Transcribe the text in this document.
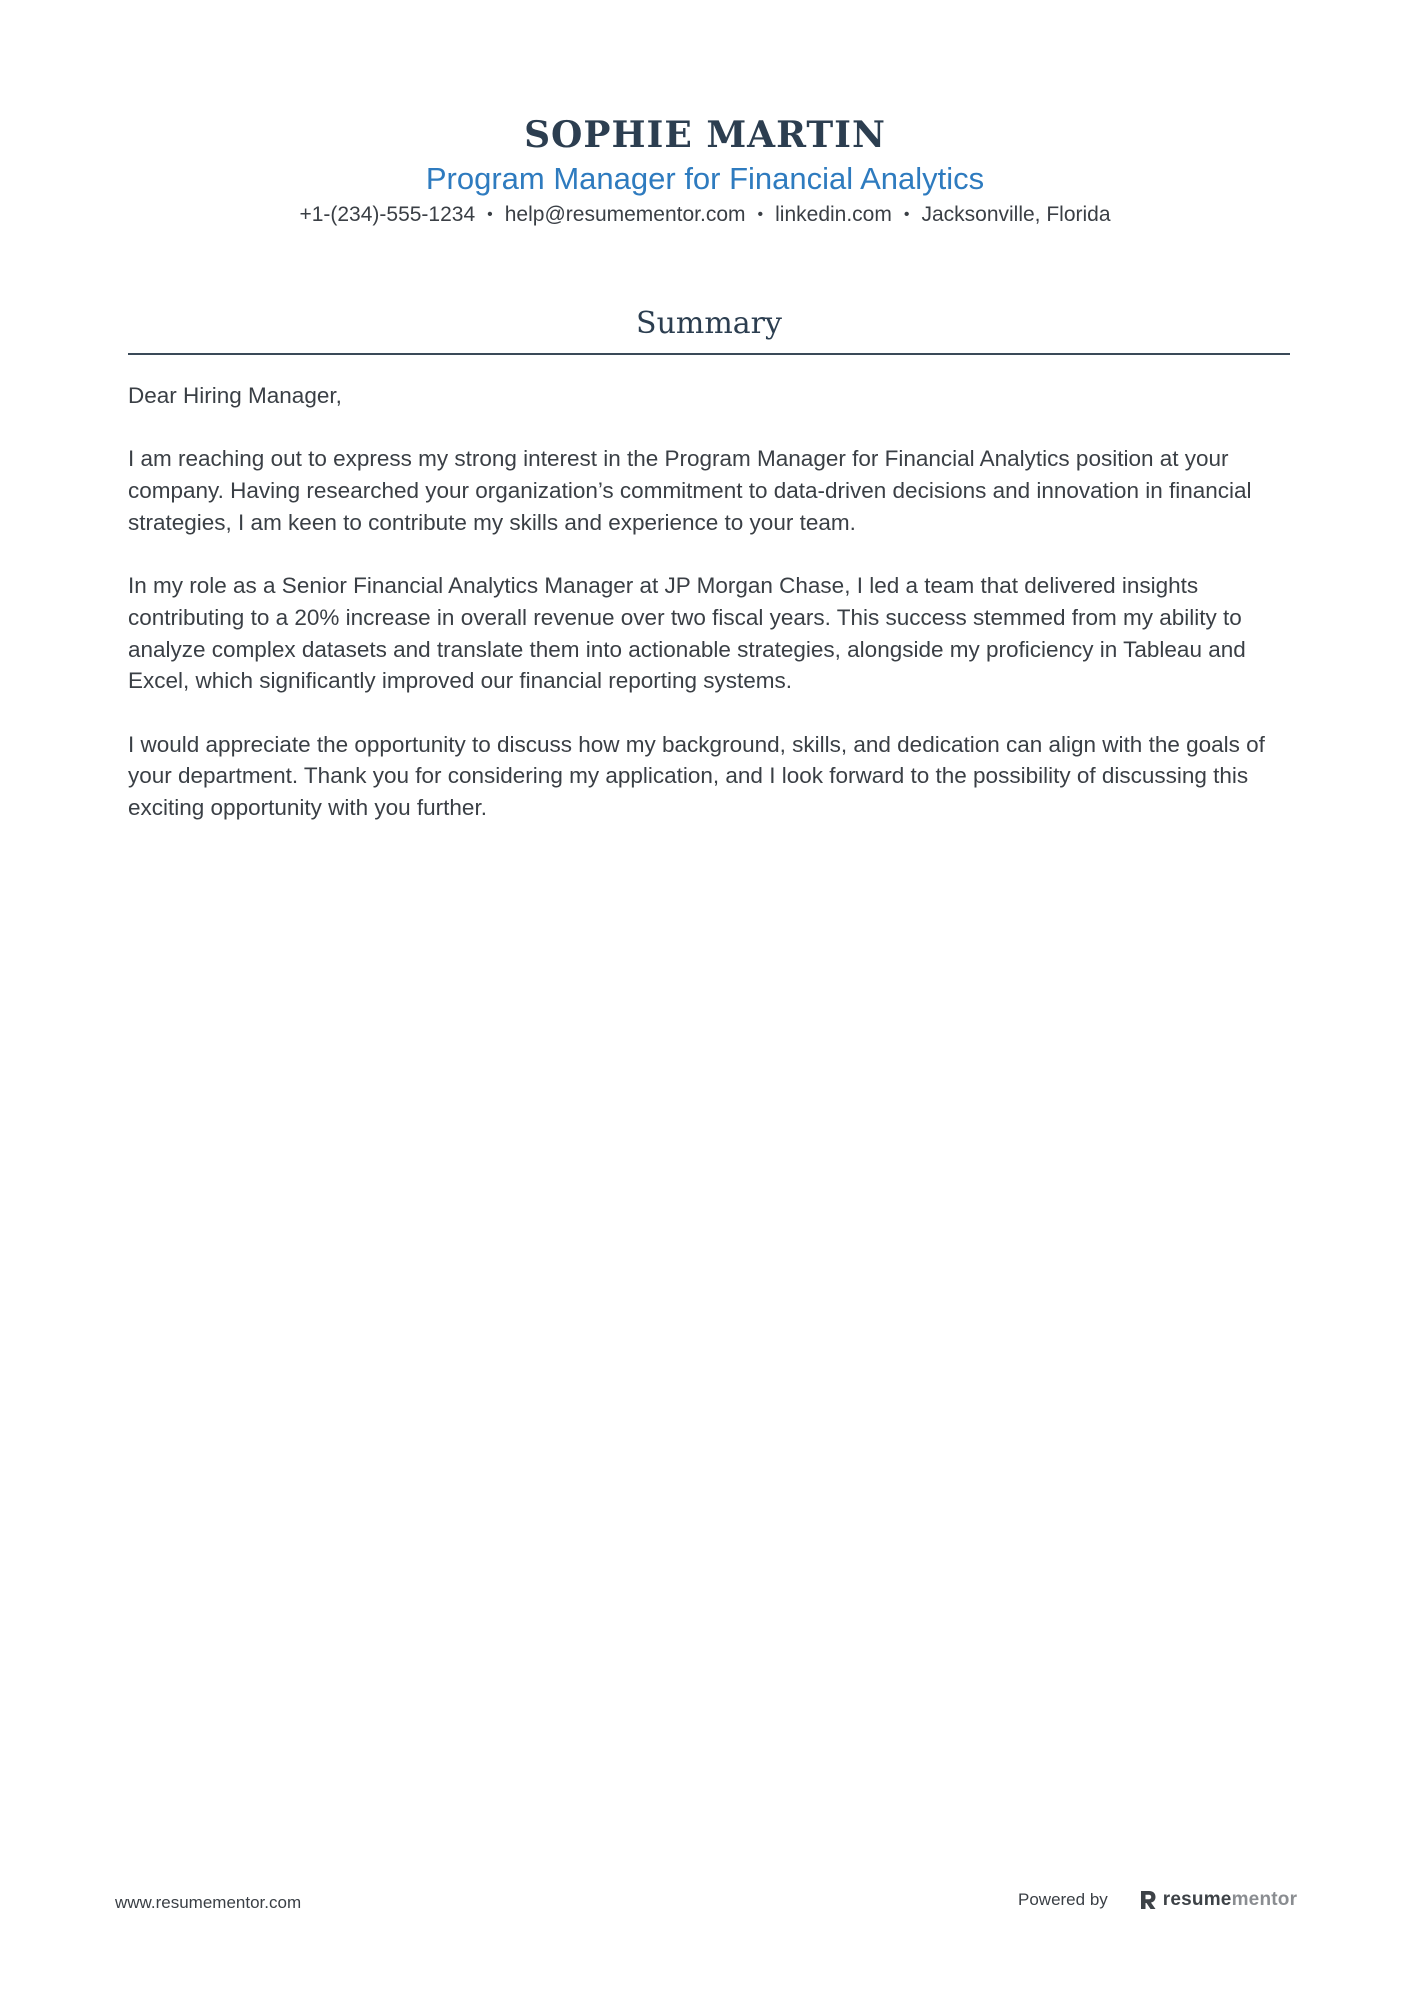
SOPHIE MARTIN
Program Manager for Financial Analytics
+1-(234)-555-1234 • help@resumementor.com • linkedin.com • Jacksonville, Florida
Summary

Dear Hiring Manager,

I am reaching out to express my strong interest in the Program Manager for Financial Analytics position at your company. Having researched your organization’s commitment to data-driven decisions and innovation in financial strategies, I am keen to contribute my skills and experience to your team.

In my role as a Senior Financial Analytics Manager at JP Morgan Chase, I led a team that delivered insights contributing to a 20% increase in overall revenue over two fiscal years. This success stemmed from my ability to analyze complex datasets and translate them into actionable strategies, alongside my proficiency in Tableau and Excel, which significantly improved our financial reporting systems.

I would appreciate the opportunity to discuss how my background, skills, and dedication can align with the goals of your department. Thank you for considering my application, and I look forward to the possibility of discussing this exciting opportunity with you further.

www.resumementor.com	Powered by	resume mentor
